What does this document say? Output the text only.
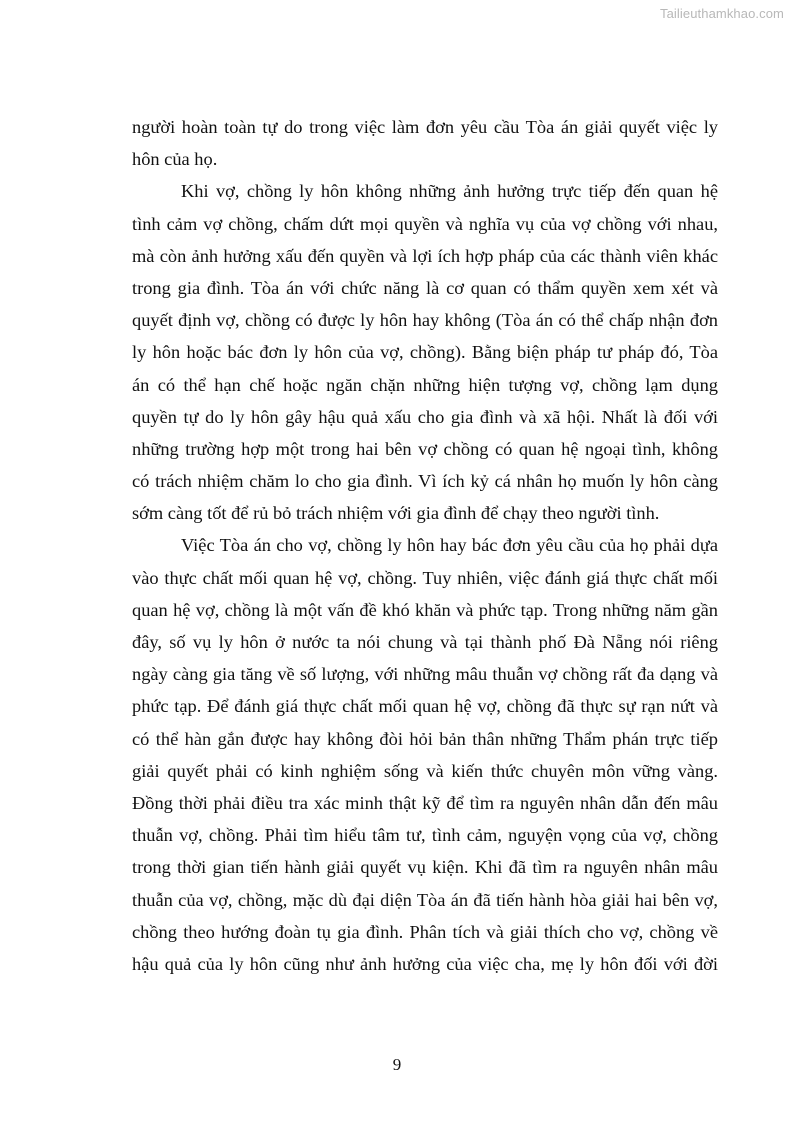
Tailieuthamkhao.com
người hoàn toàn tự do trong việc làm đơn yêu cầu Tòa án giải quyết việc ly
hôn của họ.
Khi vợ, chồng ly hôn không những ảnh hưởng trực tiếp đến quan hệ
tình cảm vợ chồng, chấm dứt mọi quyền và nghĩa vụ của vợ chồng với nhau,
mà còn ảnh hưởng xấu đến quyền và lợi ích hợp pháp của các thành viên khác
trong gia đình. Tòa án với chức năng là cơ quan có thẩm quyền xem xét và
quyết định vợ, chồng có được ly hôn hay không (Tòa án có thể chấp nhận đơn
ly hôn hoặc bác đơn ly hôn của vợ, chồng). Bằng biện pháp tư pháp đó, Tòa
án có thể hạn chế hoặc ngăn chặn những hiện tượng vợ, chồng lạm dụng
quyền tự do ly hôn gây hậu quả xấu cho gia đình và xã hội. Nhất là đối với
những trường hợp một trong hai bên vợ chồng có quan hệ ngoại tình, không
có trách nhiệm chăm lo cho gia đình. Vì ích kỷ cá nhân họ muốn ly hôn càng
sớm càng tốt để rủ bỏ trách nhiệm với gia đình để chạy theo người tình.
Việc Tòa án cho vợ, chồng ly hôn hay bác đơn yêu cầu của họ phải dựa
vào thực chất mối quan hệ vợ, chồng. Tuy nhiên, việc đánh giá thực chất mối
quan hệ vợ, chồng là một vấn đề khó khăn và phức tạp. Trong những năm gần
đây, số vụ ly hôn ở nước ta nói chung và tại thành phố Đà Nẵng nói riêng
ngày càng gia tăng về số lượng, với những mâu thuẫn vợ chồng rất đa dạng và
phức tạp. Để đánh giá thực chất mối quan hệ vợ, chồng đã thực sự rạn nứt và
có thể hàn gắn được hay không đòi hỏi bản thân những Thẩm phán trực tiếp
giải quyết phải có kinh nghiệm sống và kiến thức chuyên môn vững vàng.
Đồng thời phải điều tra xác minh thật kỹ để tìm ra nguyên nhân dẫn đến mâu
thuẫn vợ, chồng. Phải tìm hiểu tâm tư, tình cảm, nguyện vọng của vợ, chồng
trong thời gian tiến hành giải quyết vụ kiện. Khi đã tìm ra nguyên nhân mâu
thuẫn của vợ, chồng, mặc dù đại diện Tòa án đã tiến hành hòa giải hai bên vợ,
chồng theo hướng đoàn tụ gia đình. Phân tích và giải thích cho vợ, chồng về
hậu quả của ly hôn cũng như ảnh hưởng của việc cha, mẹ ly hôn đối với đời
9
